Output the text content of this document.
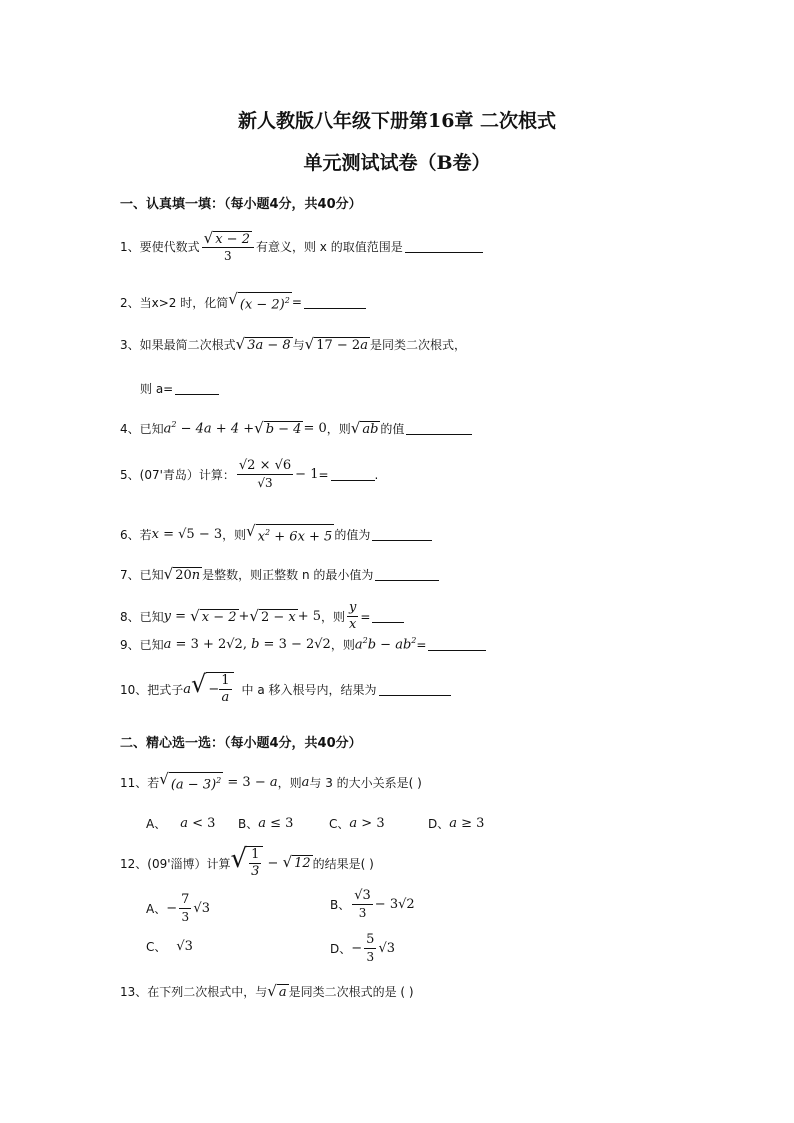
新人教版八年级下册第16章 二次根式
单元测试试卷（B卷）
一、认真填一填：（每小题4分，共40分）
1、要使代数式 $\frac{√ x - 2}{3}$ 有意义，则 x 的取值范围是
2、当x>2 时，化简 √ $(x - 2)^2$ =
3、如果最简二次根式 √ 3a − 8 与 √ 17 − 2a 是同类二次根式，
则 a=
4、已知 $a^2 - 4a + 4$ + √ b − 4 = 0 ，则 √ ab 的值
5、(07'青岛）计算： $\frac{√2 \times √6}{√3} - 1$ =	.
6、若 x = √5 − 3 ，则 √ $x^2 + 6x + 5$ 的值为
7、已知 √ 20n 是整数，则正整数 n 的最小值为
8、已知 y = √ x − 2 + √ 2 − x + 5 ，则 $\frac{y}{x}$ =
9、已知 a = 3 + 2√2, b = 3 − 2√2 ，则 $a^2b - ab^2$ =
10、把式子 a √ − $\frac{1}{a}$ 中 a 移入根号内，结果为
二、精心选一选：（每小题4分，共40分）
11、若 √ $(a - 3)^2 = 3 - a$ ，则 a 与 3 的大小关系是( )
A、 a < 3 B、 a ≤ 3	C、 a > 3	D、 a ≥ 3
12、(09'淄博）计算 √ $\frac{1}{3}$ − √ 12 的结果是( )
A、 − $\frac{7}{3} √3$	B、 $\frac{√3}{3} - 3√2$
C、 √3	D、 − $\frac{5}{3} √3$
13、在下列二次根式中，与 √ a 是同类二次根式的是 ( )
